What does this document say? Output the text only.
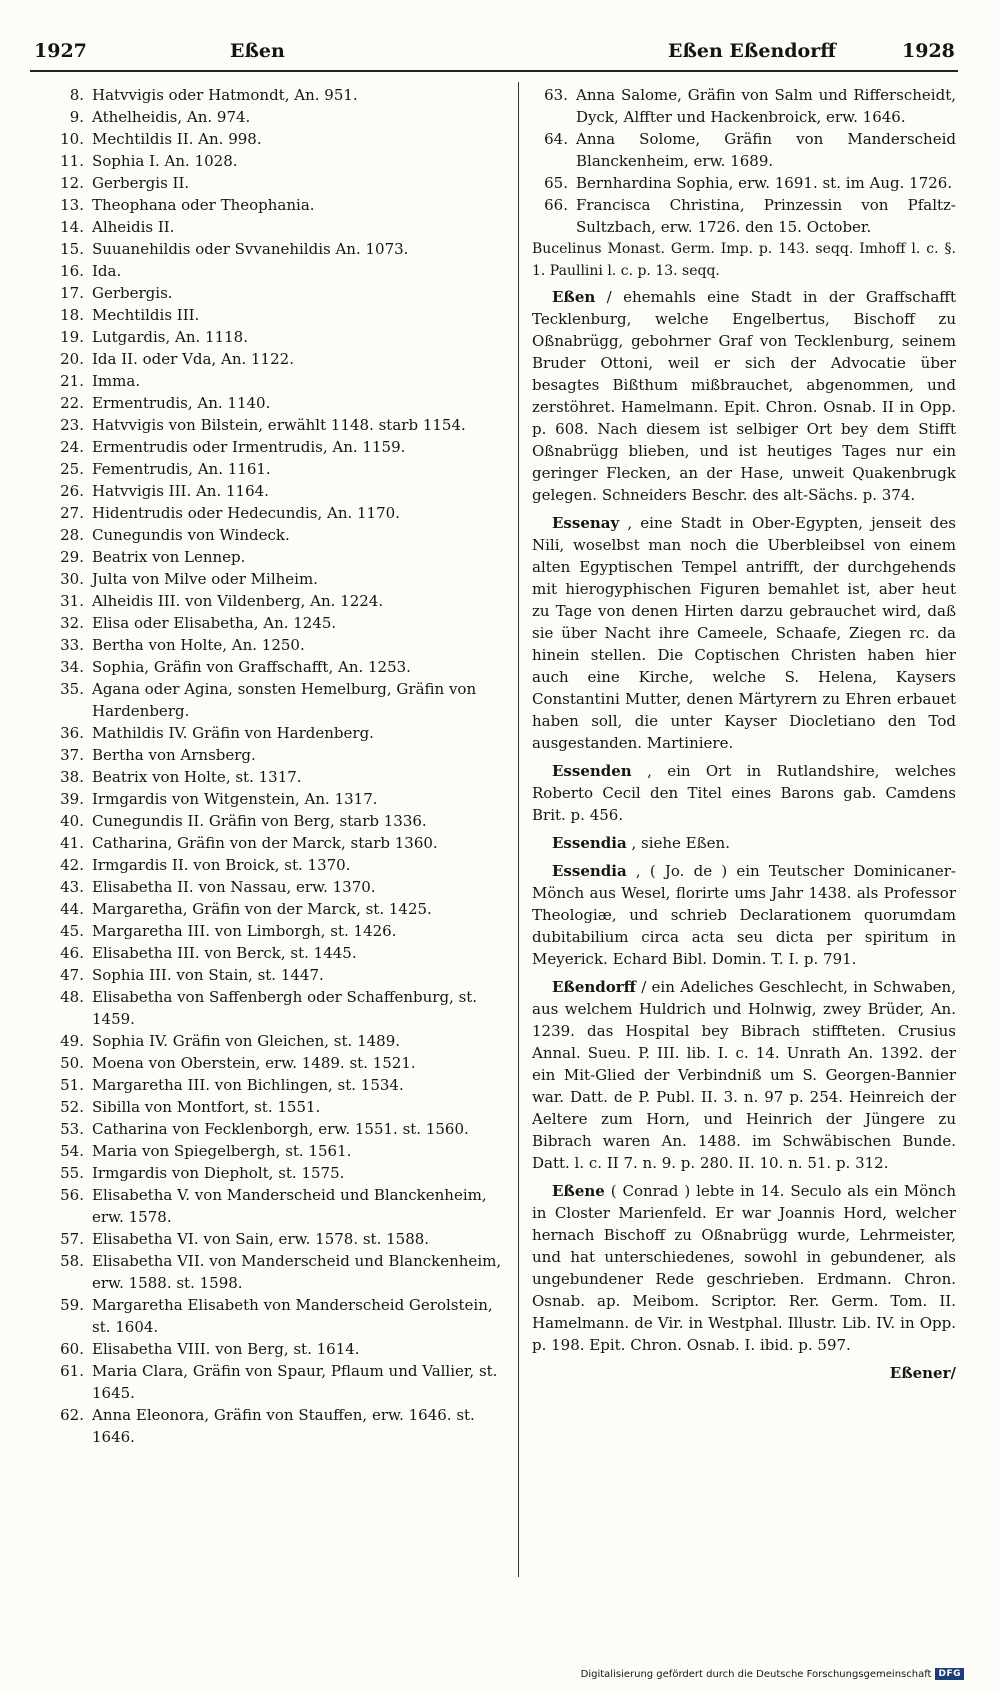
1927	Eßen	Eßen Eßendorff	1928
8. Hatvvigis oder Hatmondt, An. 951.
9. Athelheidis, An. 974.
10. Mechtildis II. An. 998.
11. Sophia I. An. 1028.
12. Gerbergis II.
13. Theophana oder Theophania.
14. Alheidis II.
15. Suuanehildis oder Svvanehildis An. 1073.
16. Ida.
17. Gerbergis.
18. Mechtildis III.
19. Lutgardis, An. 1118.
20. Ida II. oder Vda, An. 1122.
21. Imma.
22. Ermentrudis, An. 1140.
23. Hatvvigis von Bilstein, erwählt 1148. starb 1154.
24. Ermentrudis oder Irmentrudis, An. 1159.
25. Fementrudis, An. 1161.
26. Hatvvigis III. An. 1164.
27. Hidentrudis oder Hedecundis, An. 1170.
28. Cunegundis von Windeck.
29. Beatrix von Lennep.
30. Julta von Milve oder Milheim.
31. Alheidis III. von Vildenberg, An. 1224.
32. Elisa oder Elisabetha, An. 1245.
33. Bertha von Holte, An. 1250.
34. Sophia, Gräfin von Graffschafft, An. 1253.
35. Agana oder Agina, sonsten Hemelburg, Gräfin von Hardenberg.
36. Mathildis IV. Gräfin von Hardenberg.
37. Bertha von Arnsberg.
38. Beatrix von Holte, st. 1317.
39. Irmgardis von Witgenstein, An. 1317.
40. Cunegundis II. Gräfin von Berg, starb 1336.
41. Catharina, Gräfin von der Marck, starb 1360.
42. Irmgardis II. von Broick, st. 1370.
43. Elisabetha II. von Nassau, erw. 1370.
44. Margaretha, Gräfin von der Marck, st. 1425.
45. Margaretha III. von Limborgh, st. 1426.
46. Elisabetha III. von Berck, st. 1445.
47. Sophia III. von Stain, st. 1447.
48. Elisabetha von Saffenbergh oder Schaffenburg, st. 1459.
49. Sophia IV. Gräfin von Gleichen, st. 1489.
50. Moena von Oberstein, erw. 1489. st. 1521.
51. Margaretha III. von Bichlingen, st. 1534.
52. Sibilla von Montfort, st. 1551.
53. Catharina von Fecklenborgh, erw. 1551. st. 1560.
54. Maria von Spiegelbergh, st. 1561.
55. Irmgardis von Diepholt, st. 1575.
56. Elisabetha V. von Manderscheid und Blanckenheim, erw. 1578.
57. Elisabetha VI. von Sain, erw. 1578. st. 1588.
58. Elisabetha VII. von Manderscheid und Blanckenheim, erw. 1588. st. 1598.
59. Margaretha Elisabeth von Manderscheid Gerolstein, st. 1604.
60. Elisabetha VIII. von Berg, st. 1614.
61. Maria Clara, Gräfin von Spaur, Pflaum und Vallier, st. 1645.
62. Anna Eleonora, Gräfin von Stauffen, erw. 1646. st. 1646.
63. Anna Salome, Gräfin von Salm und Rifferscheidt, Dyck, Alffter und Hackenbroick, erw. 1646.
64. Anna Solome, Gräfin von Manderscheid Blanckenheim, erw. 1689.
65. Bernhardina Sophia, erw. 1691. st. im Aug. 1726.
66. Francisca Christina, Prinzessin von Pfaltz-Sultzbach, erw. 1726. den 15. October.
Bucelinus Monast. Germ. Imp. p. 143. seqq. Imhoff l. c. §. 1. Paullini l. c. p. 13. seqq.
Eßen / ehemahls eine Stadt in der Graffschafft Tecklenburg, welche Engelbertus, Bischoff zu Oßnabrügg, gebohrner Graf von Tecklenburg, seinem Bruder Ottoni, weil er sich der Advocatie über besagtes Bißthum mißbrauchet, abgenommen, und zerstöhret. Hamelmann. Epit. Chron. Osnab. II in Opp. p. 608. Nach diesem ist selbiger Ort bey dem Stifft Oßnabrügg blieben, und ist heutiges Tages nur ein geringer Flecken, an der Hase, unweit Quakenbrugk gelegen. Schneiders Beschr. des alt-Sächs. p. 374.
Essenay , eine Stadt in Ober-Egypten, jenseit des Nili, woselbst man noch die Uberbleibsel von einem alten Egyptischen Tempel antrifft, der durchgehends mit hierogyphischen Figuren bemahlet ist, aber heut zu Tage von denen Hirten darzu gebrauchet wird, daß sie über Nacht ihre Cameele, Schaafe, Ziegen rc. da hinein stellen. Die Coptischen Christen haben hier auch eine Kirche, welche S. Helena, Kaysers Constantini Mutter, denen Märtyrern zu Ehren erbauet haben soll, die unter Kayser Diocletiano den Tod ausgestanden. Martiniere.
Essenden , ein Ort in Rutlandshire, welches Roberto Cecil den Titel eines Barons gab. Camdens Brit. p. 456.
Essendia , siehe Eßen.
Essendia , ( Jo. de ) ein Teutscher Dominicaner-Mönch aus Wesel, florirte ums Jahr 1438. als Professor Theologiæ, und schrieb Declarationem quorumdam dubitabilium circa acta seu dicta per spiritum in Meyerick. Echard Bibl. Domin. T. I. p. 791.
Eßendorff / ein Adeliches Geschlecht, in Schwaben, aus welchem Huldrich und Holnwig, zwey Brüder, An. 1239. das Hospital bey Bibrach stiffteten. Crusius Annal. Sueu. P. III. lib. I. c. 14. Unrath An. 1392. der ein Mit-Glied der Verbindniß um S. Georgen-Bannier war. Datt. de P. Publ. II. 3. n. 97 p. 254. Heinreich der Aeltere zum Horn, und Heinrich der Jüngere zu Bibrach waren An. 1488. im Schwäbischen Bunde. Datt. l. c. II 7. n. 9. p. 280. II. 10. n. 51. p. 312.
Eßene ( Conrad ) lebte in 14. Seculo als ein Mönch in Closter Marienfeld. Er war Joannis Hord, welcher hernach Bischoff zu Oßnabrügg wurde, Lehrmeister, und hat unterschiedenes, sowohl in gebundener, als ungebundener Rede geschrieben. Erdmann. Chron. Osnab. ap. Meibom. Scriptor. Rer. Germ. Tom. II. Hamelmann. de Vir. in Westphal. Illustr. Lib. IV. in Opp. p. 198. Epit. Chron. Osnab. I. ibid. p. 597.
Eßener/
Digitalisierung gefördert durch die Deutsche Forschungsgemeinschaft DFG
